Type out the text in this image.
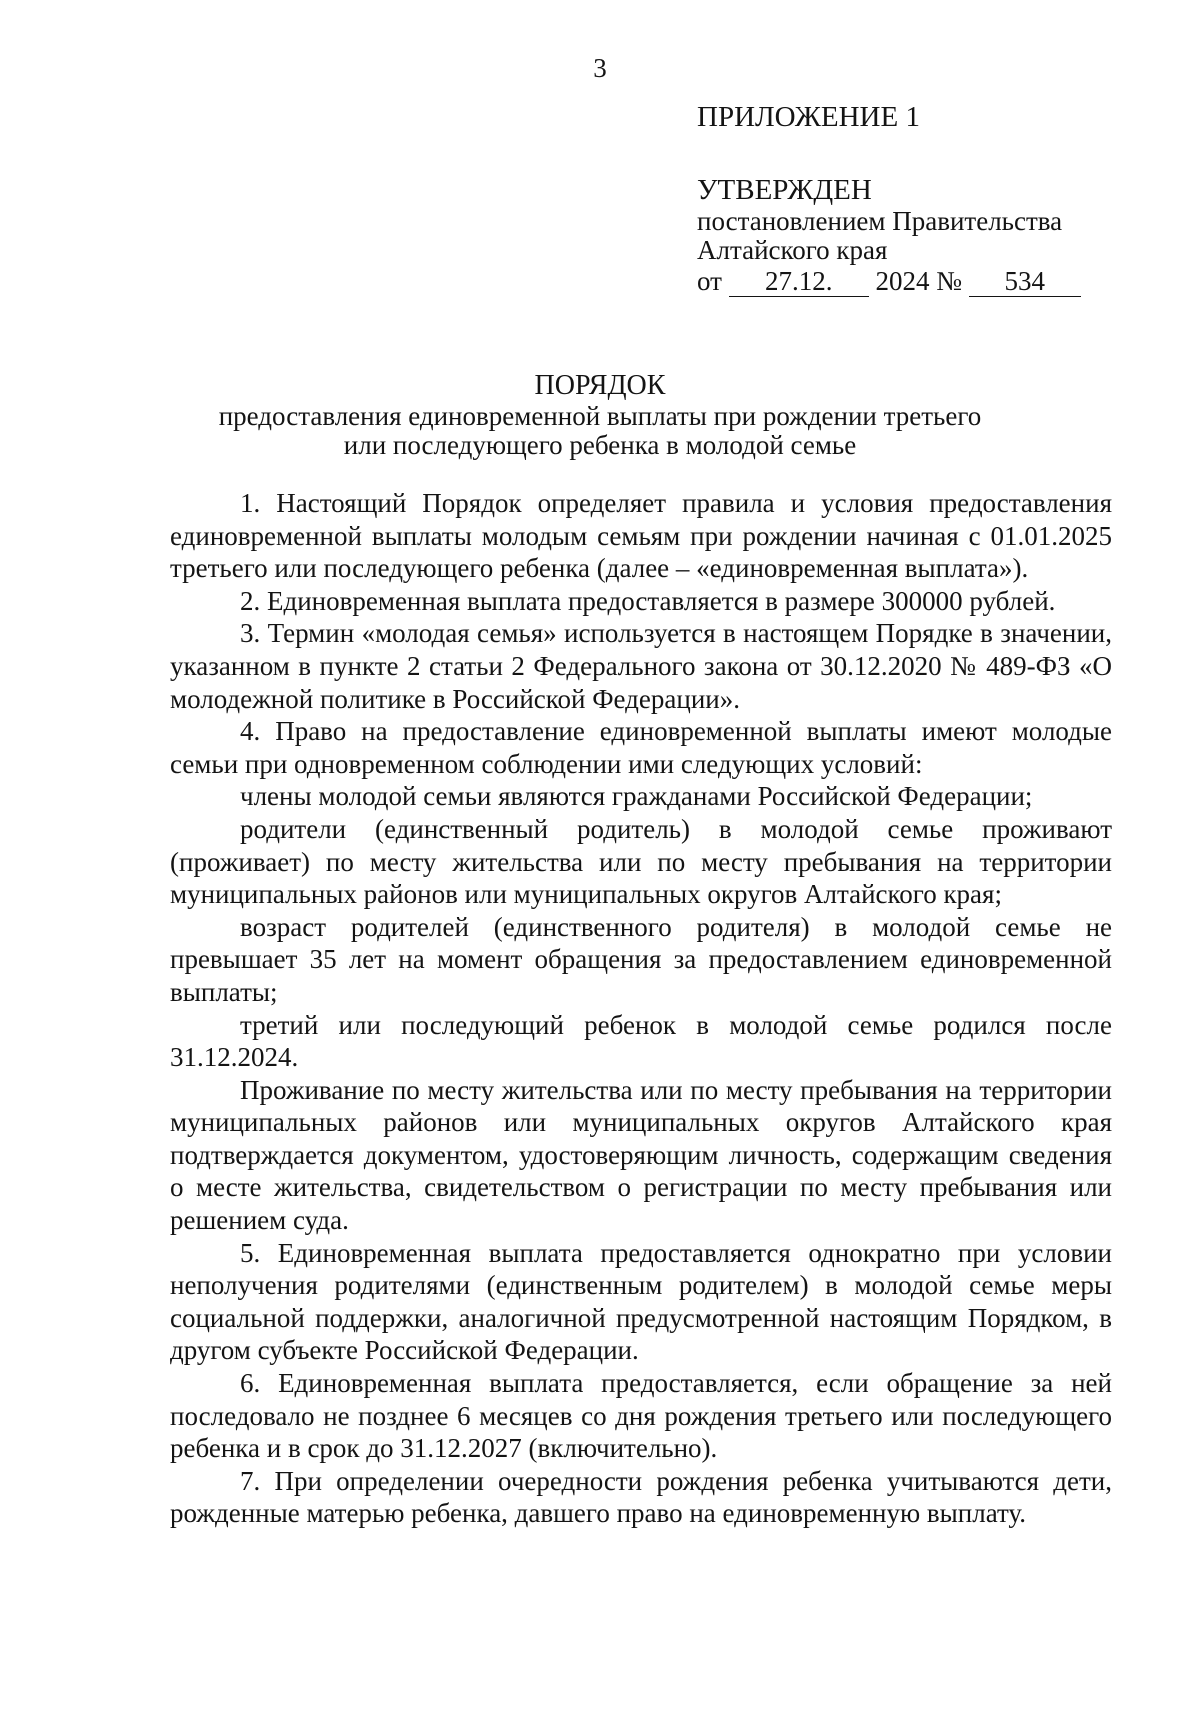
3
ПРИЛОЖЕНИЕ 1
УТВЕРЖДЕН
постановлением Правительства
Алтайского края
от 27.12. 2024 № 534
ПОРЯДОК
предоставления единовременной выплаты при рождении третьего
или последующего ребенка в молодой семье

1. Настоящий Порядок определяет правила и условия предоставления единовременной выплаты молодым семьям при рождении начиная с 01.01.2025 третьего или последующего ребенка (далее – «единовременная выплата»).

2. Единовременная выплата предоставляется в размере 300000 рублей.

3. Термин «молодая семья» используется в настоящем Порядке в значении, указанном в пункте 2 статьи 2 Федерального закона от 30.12.2020 № 489-ФЗ «О молодежной политике в Российской Федерации».

4. Право на предоставление единовременной выплаты имеют молодые семьи при одновременном соблюдении ими следующих условий:

члены молодой семьи являются гражданами Российской Федерации;

родители (единственный родитель) в молодой семье проживают (проживает) по месту жительства или по месту пребывания на территории муниципальных районов или муниципальных округов Алтайского края;

возраст родителей (единственного родителя) в молодой семье не превышает 35 лет на момент обращения за предоставлением единовременной выплаты;

третий или последующий ребенок в молодой семье родился после 31.12.2024.

Проживание по месту жительства или по месту пребывания на территории муниципальных районов или муниципальных округов Алтайского края подтверждается документом, удостоверяющим личность, содержащим сведения о месте жительства, свидетельством о регистрации по месту пребывания или решением суда.

5. Единовременная выплата предоставляется однократно при условии неполучения родителями (единственным родителем) в молодой семье меры социальной поддержки, аналогичной предусмотренной настоящим Порядком, в другом субъекте Российской Федерации.

6. Единовременная выплата предоставляется, если обращение за ней последовало не позднее 6 месяцев со дня рождения третьего или последующего ребенка и в срок до 31.12.2027 (включительно).

7. При определении очередности рождения ребенка учитываются дети, рожденные матерью ребенка, давшего право на единовременную выплату.
